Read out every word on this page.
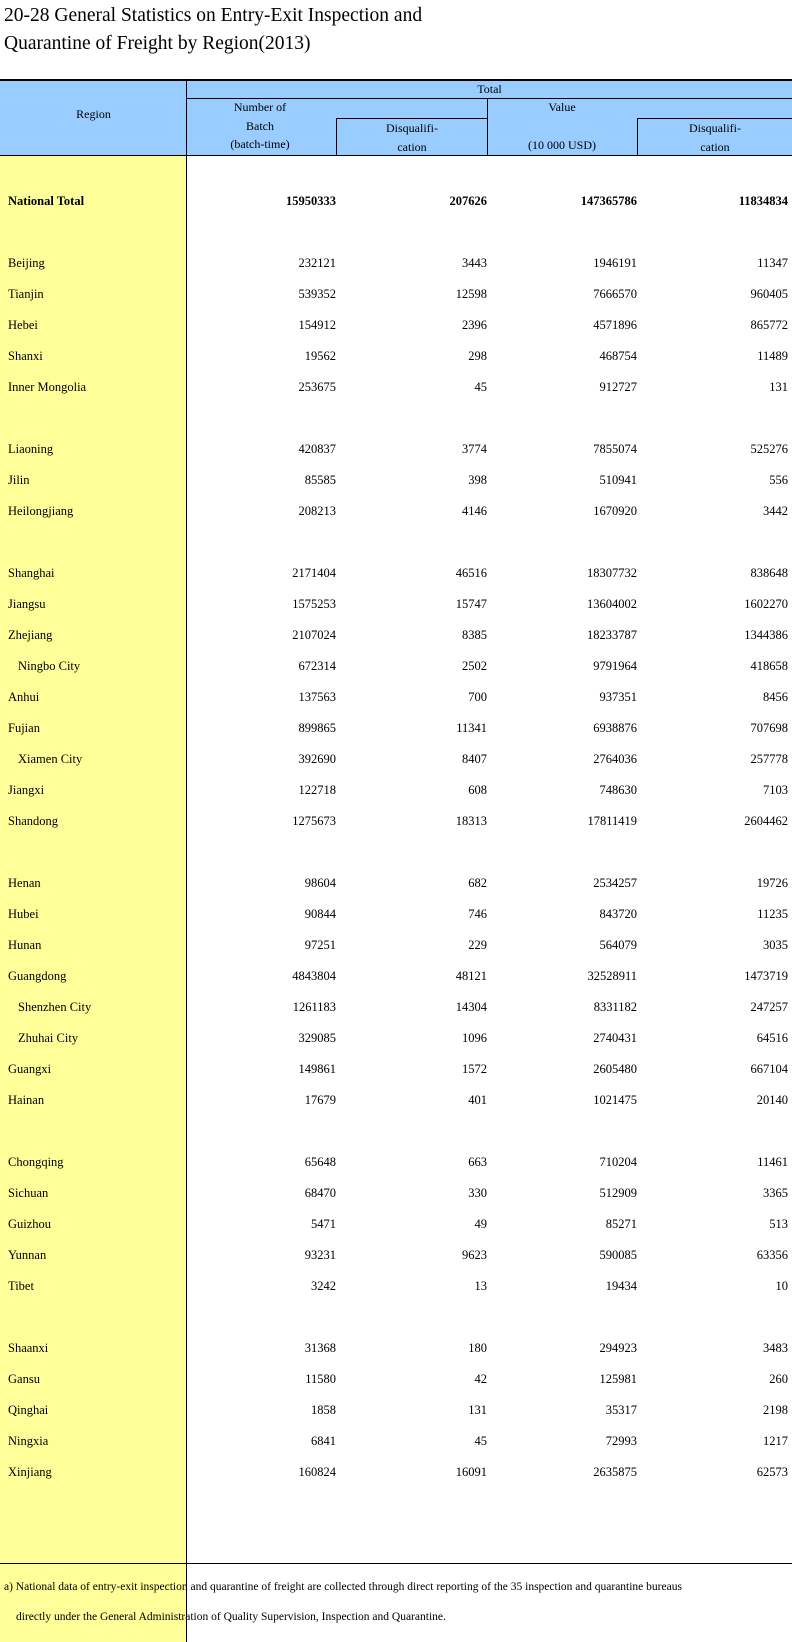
20-28 General Statistics on Entry-Exit Inspection and
Quarantine of Freight by Region(2013)
Region
Total
Number of
Batch
(batch-time)
Disqualifi-
cation
Value
(10 000 USD)
Disqualifi-
cation
National Total	15950333	207626	147365786	11834834
Beijing	232121	3443	1946191	11347
Tianjin	539352	12598	7666570	960405
Hebei	154912	2396	4571896	865772
Shanxi	19562	298	468754	11489
Inner Mongolia	253675	45	912727	131
Liaoning	420837	3774	7855074	525276
Jilin	85585	398	510941	556
Heilongjiang	208213	4146	1670920	3442
Shanghai	2171404	46516	18307732	838648
Jiangsu	1575253	15747	13604002	1602270
Zhejiang	2107024	8385	18233787	1344386
Ningbo City	672314	2502	9791964	418658
Anhui	137563	700	937351	8456
Fujian	899865	11341	6938876	707698
Xiamen City	392690	8407	2764036	257778
Jiangxi	122718	608	748630	7103
Shandong	1275673	18313	17811419	2604462
Henan	98604	682	2534257	19726
Hubei	90844	746	843720	11235
Hunan	97251	229	564079	3035
Guangdong	4843804	48121	32528911	1473719
Shenzhen City	1261183	14304	8331182	247257
Zhuhai City	329085	1096	2740431	64516
Guangxi	149861	1572	2605480	667104
Hainan	17679	401	1021475	20140
Chongqing	65648	663	710204	11461
Sichuan	68470	330	512909	3365
Guizhou	5471	49	85271	513
Yunnan	93231	9623	590085	63356
Tibet	3242	13	19434	10
Shaanxi	31368	180	294923	3483
Gansu	11580	42	125981	260
Qinghai	1858	131	35317	2198
Ningxia	6841	45	72993	1217
Xinjiang	160824	16091	2635875	62573
a) National data of entry-exit inspection and quarantine of freight are collected through direct reporting of the 35 inspection and quarantine bureaus
directly under the General Administration of Quality Supervision, Inspection and Quarantine.
